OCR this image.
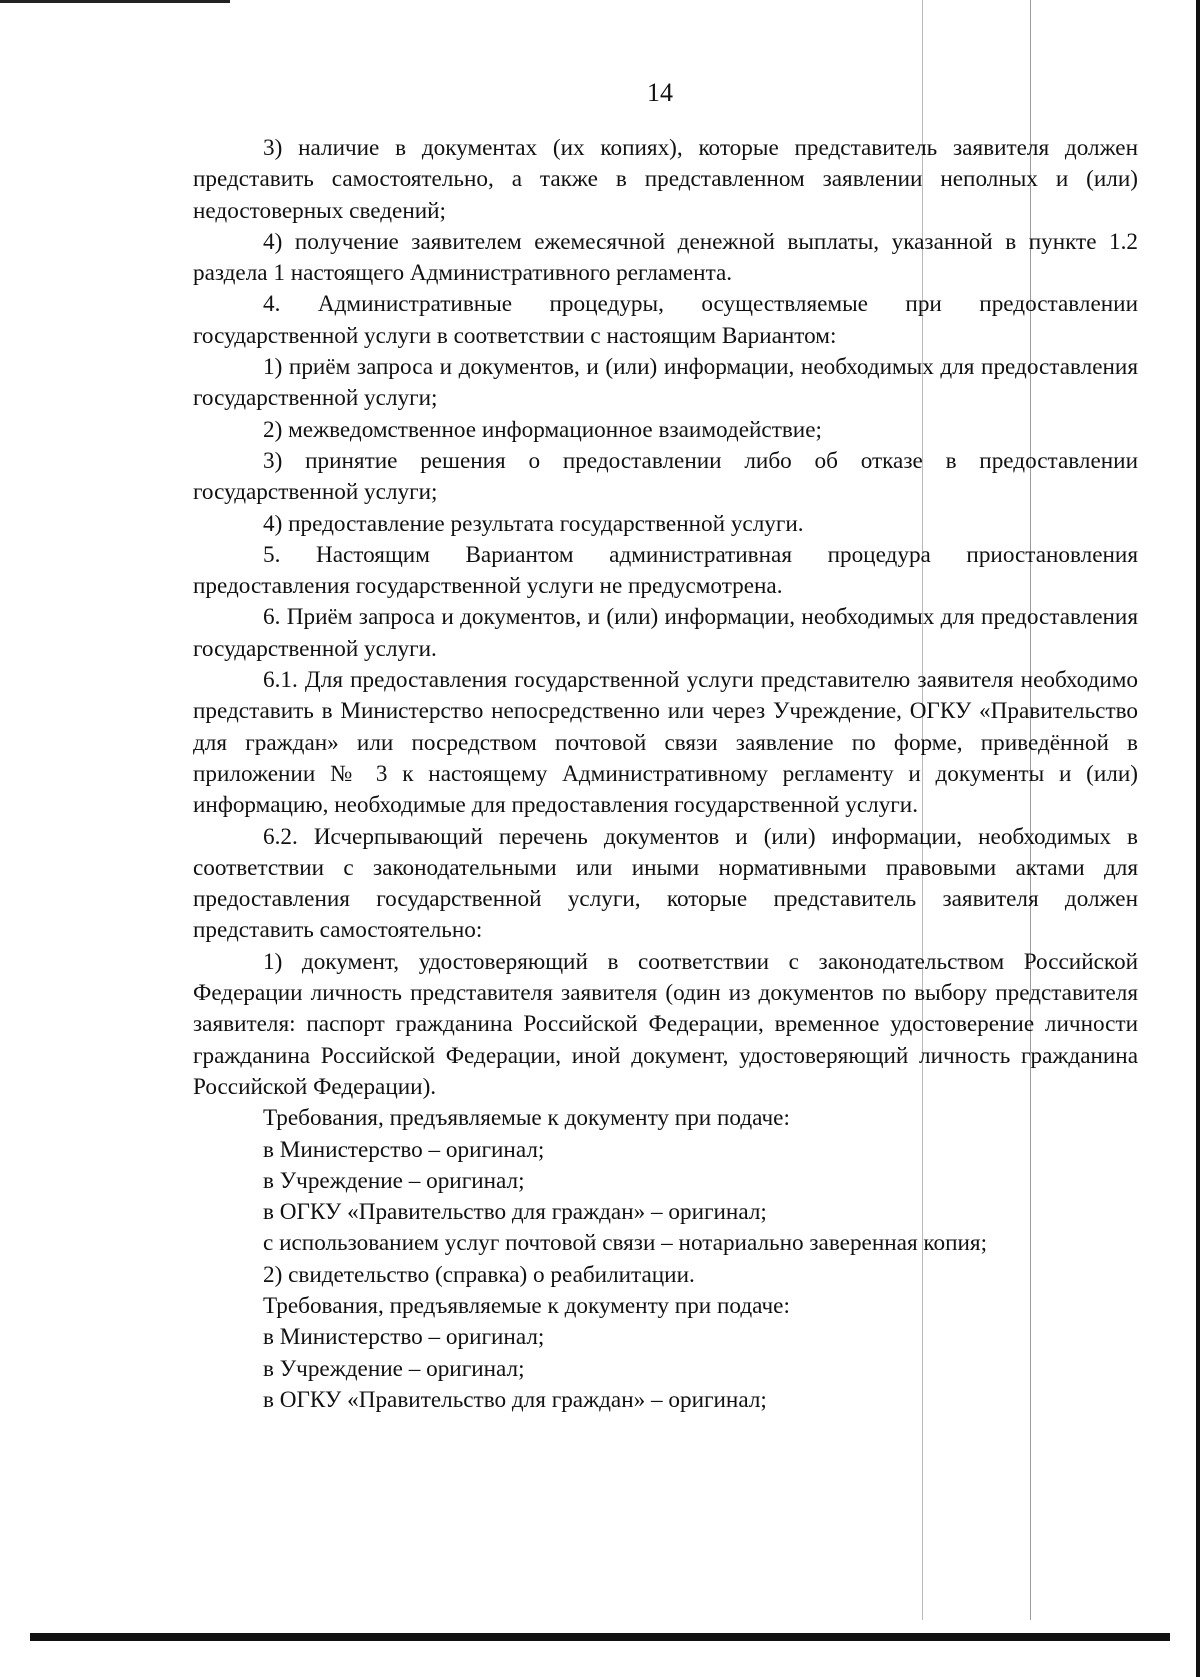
14

3) наличие в документах (их копиях), которые представитель заявителя должен представить самостоятельно, а также в представленном заявлении неполных и (или) недостоверных сведений;

4) получение заявителем ежемесячной денежной выплаты, указанной в пункте 1.2 раздела 1 настоящего Административного регламента.

4. Административные процедуры, осуществляемые при предоставлении государственной услуги в соответствии с настоящим Вариантом:

1) приём запроса и документов, и (или) информации, необходимых для предоставления государственной услуги;

2) межведомственное информационное взаимодействие;

3) принятие решения о предоставлении либо об отказе в предоставлении государственной услуги;

4) предоставление результата государственной услуги.

5. Настоящим Вариантом административная процедура приостановления предоставления государственной услуги не предусмотрена.

6. Приём запроса и документов, и (или) информации, необходимых для предоставления государственной услуги.

6.1. Для предоставления государственной услуги представителю заявителя необходимо представить в Министерство непосредственно или через Учреждение, ОГКУ «Правительство для граждан» или посредством почтовой связи заявление по форме, приведённой в приложении № 3 к настоящему Административному регламенту и документы и (или) информацию, необходимые для предоставления государственной услуги.

6.2. Исчерпывающий перечень документов и (или) информации, необходимых в соответствии с законодательными или иными нормативными правовыми актами для предоставления государственной услуги, которые представитель заявителя должен представить самостоятельно:

1) документ, удостоверяющий в соответствии с законодательством Российской Федерации личность представителя заявителя (один из документов по выбору представителя заявителя: паспорт гражданина Российской Федерации, временное удостоверение личности гражданина Российской Федерации, иной документ, удостоверяющий личность гражданина Российской Федерации).

Требования, предъявляемые к документу при подаче:

в Министерство – оригинал;

в Учреждение – оригинал;

в ОГКУ «Правительство для граждан» – оригинал;

с использованием услуг почтовой связи – нотариально заверенная копия;

2) свидетельство (справка) о реабилитации.

Требования, предъявляемые к документу при подаче:

в Министерство – оригинал;

в Учреждение – оригинал;

в ОГКУ «Правительство для граждан» – оригинал;
